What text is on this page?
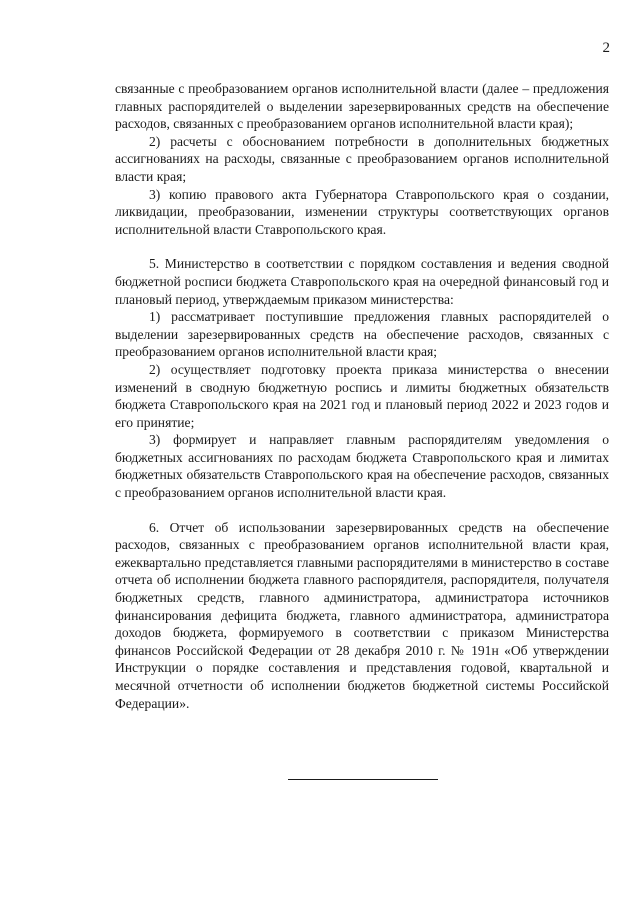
2

связанные с преобразованием органов исполнительной власти (далее – предложения главных распорядителей о выделении зарезервированных средств на обеспечение расходов, связанных с преобразованием органов исполнительной власти края);

2) расчеты с обоснованием потребности в дополнительных бюджетных ассигнованиях на расходы, связанные с преобразованием органов исполнительной власти края;

3) копию правового акта Губернатора Ставропольского края о создании, ликвидации, преобразовании, изменении структуры соответствующих органов исполнительной власти Ставропольского края.

5. Министерство в соответствии с порядком составления и ведения сводной бюджетной росписи бюджета Ставропольского края на очередной финансовый год и плановый период, утверждаемым приказом министерства:

1) рассматривает поступившие предложения главных распорядителей о выделении зарезервированных средств на обеспечение расходов, связанных с преобразованием органов исполнительной власти края;

2) осуществляет подготовку проекта приказа министерства о внесении изменений в сводную бюджетную роспись и лимиты бюджетных обязательств бюджета Ставропольского края на 2021 год и плановый период 2022 и 2023 годов и его принятие;

3) формирует и направляет главным распорядителям уведомления о бюджетных ассигнованиях по расходам бюджета Ставропольского края и лимитах бюджетных обязательств Ставропольского края на обеспечение расходов, связанных с преобразованием органов исполнительной власти края.

6. Отчет об использовании зарезервированных средств на обеспечение расходов, связанных с преобразованием органов исполнительной власти края, ежеквартально представляется главными распорядителями в министерство в составе отчета об исполнении бюджета главного распорядителя, распорядителя, получателя бюджетных средств, главного администратора, администратора источников финансирования дефицита бюджета, главного администратора, администратора доходов бюджета, формируемого в соответствии с приказом Министерства финансов Российской Федерации от 28 декабря 2010 г. № 191н «Об утверждении Инструкции о порядке составления и представления годовой, квартальной и месячной отчетности об исполнении бюджетов бюджетной системы Российской Федерации».
